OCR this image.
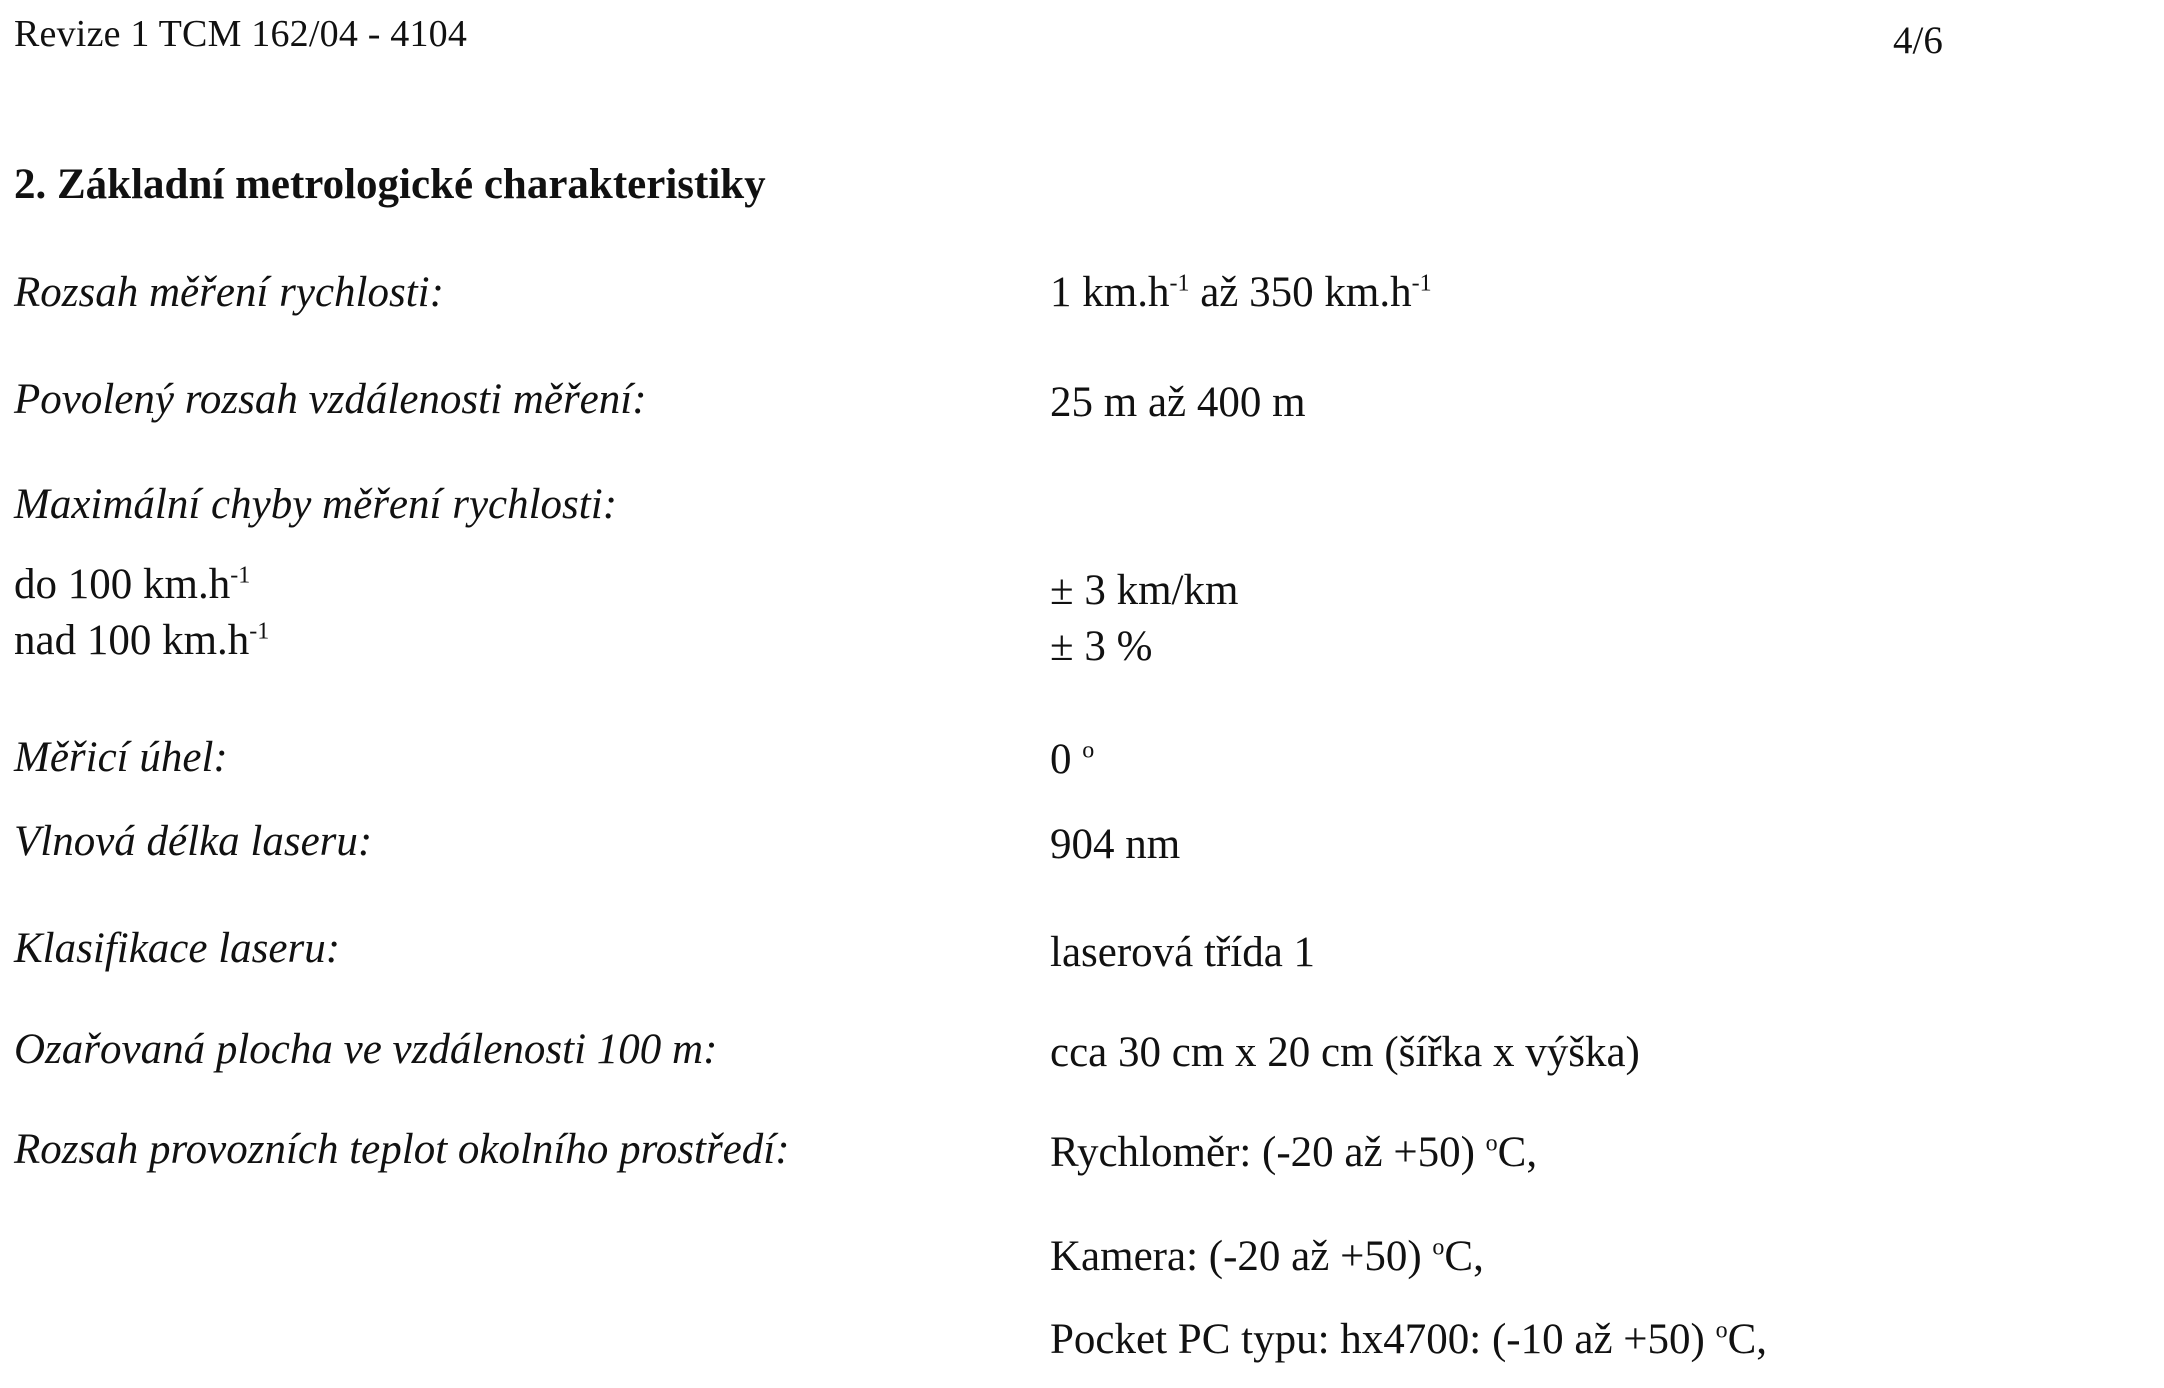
Revize 1 TCM 162/04 - 4104	4/6
2. Základní metrologické charakteristiky
Rozsah měření rychlosti:	1 $km.h^{-1}$ až 350 $km.h^{-1}$
Povolený rozsah vzdálenosti měření:	25 m až 400 m
Maximální chyby měření rychlosti:
do 100 $km.h^{-1}$	± 3 km/km
nad 100 $km.h^{-1}$	± 3 %
Měřicí úhel:	0 $^o$
Vlnová délka laseru:	904 nm
Klasifikace laseru:	laserová třída 1
Ozařovaná plocha ve vzdálenosti 100 m:	cca 30 cm x 20 cm (šířka x výška)
Rozsah provozních teplot okolního prostředí:	Rychloměr: (-20 až +50) $^o$C,
Kamera: (-20 až +50) $^o$C,
Pocket PC typu: hx4700: (-10 až +50) $^o$C,
